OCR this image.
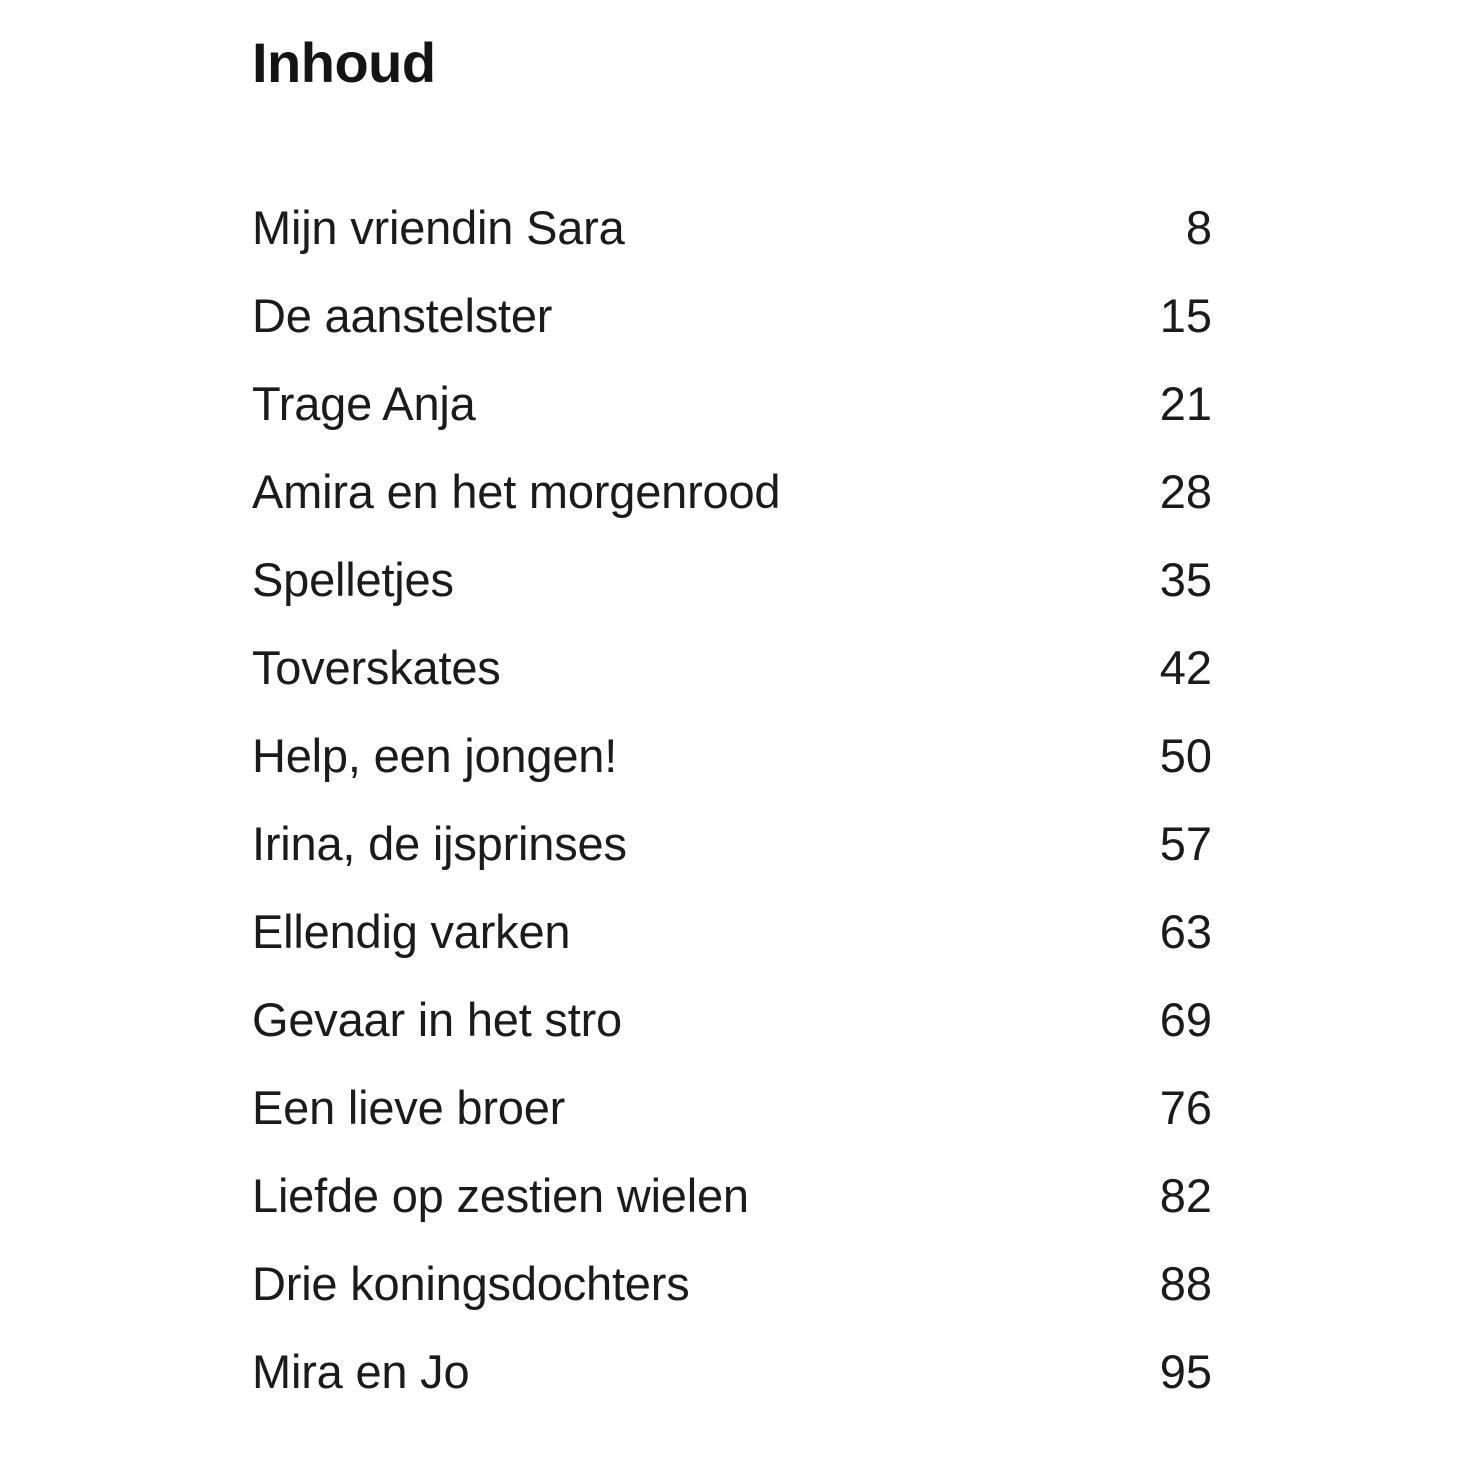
Inhoud
Mijn vriendin Sara	8
De aanstelster	15
Trage Anja	21
Amira en het morgenrood	28
Spelletjes	35
Toverskates	42
Help, een jongen!	50
Irina, de ijsprinses	57
Ellendig varken	63
Gevaar in het stro	69
Een lieve broer	76
Liefde op zestien wielen	82
Drie koningsdochters	88
Mira en Jo	95
